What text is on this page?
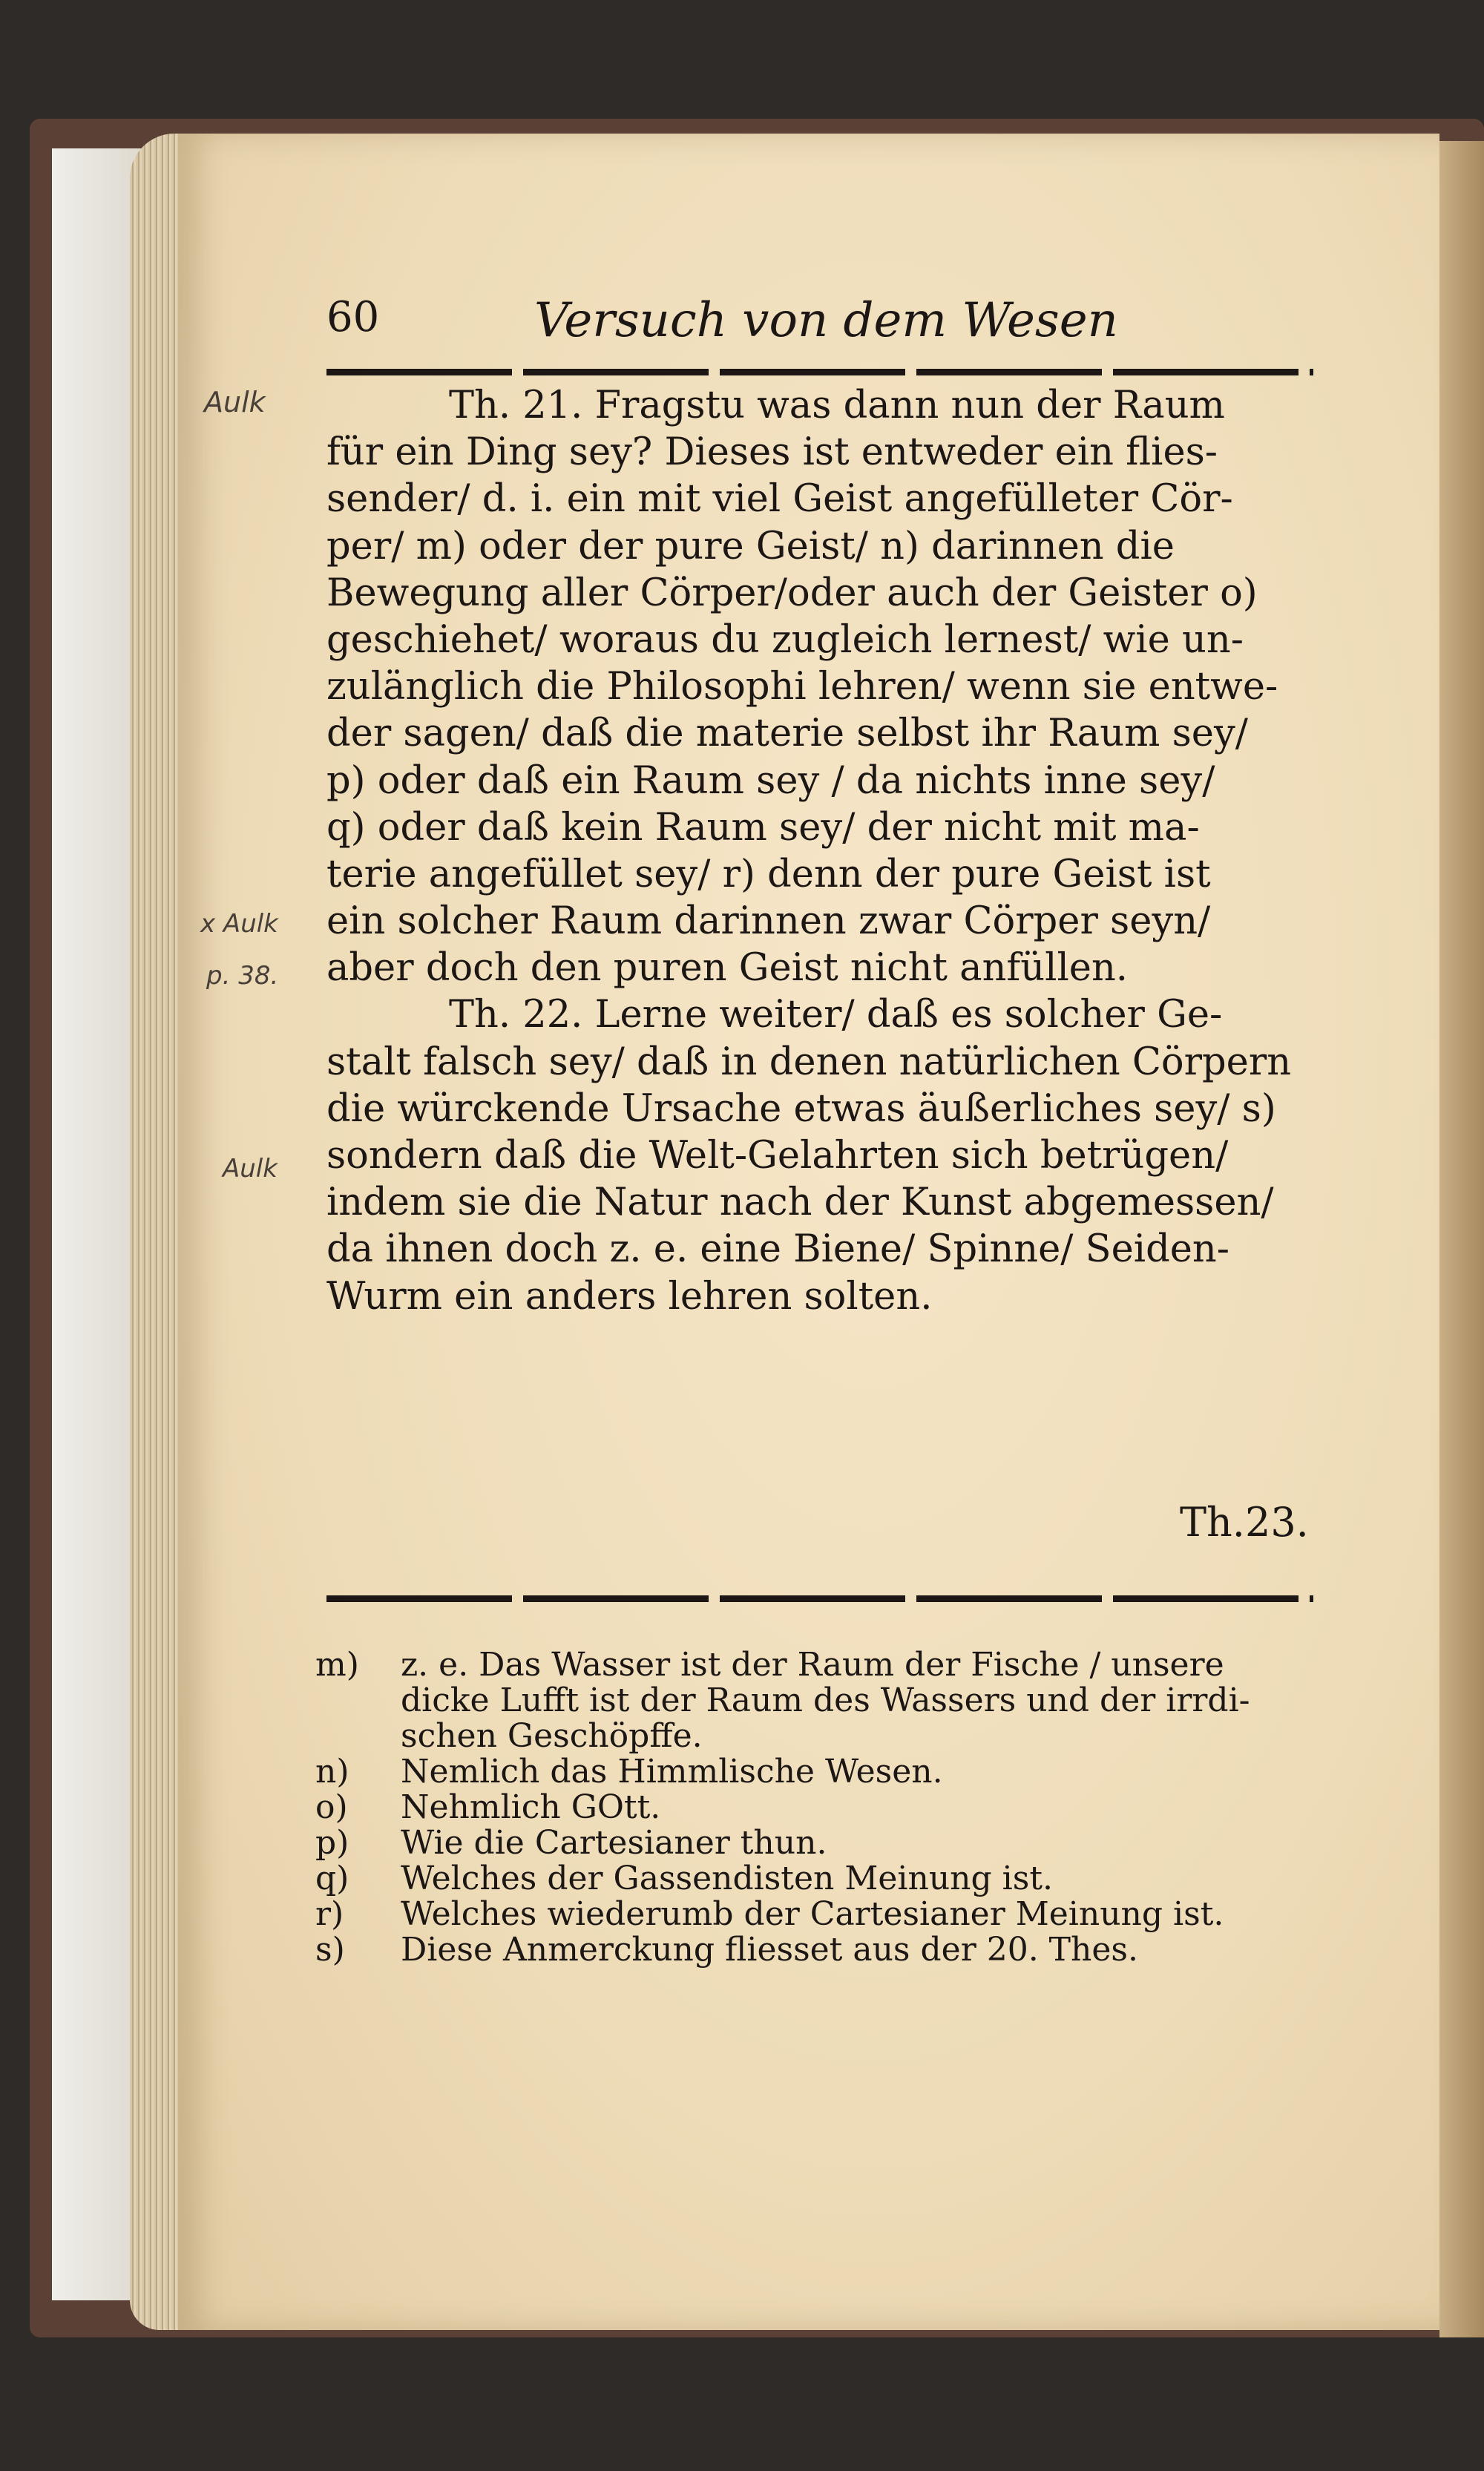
60	Versuch von dem Wesen
Th. 21. Fragstu was dann nun der Raum
für ein Ding sey? Dieses ist entweder ein flies-
sender/ d. i. ein mit viel Geist angefülleter Cör-
per/ m) oder der pure Geist/ n) darinnen die
Bewegung aller Cörper/oder auch der Geister o)
geschiehet/ woraus du zugleich lernest/ wie un-
zulänglich die Philosophi lehren/ wenn sie entwe-
der sagen/ daß die materie selbst ihr Raum sey/
p) oder daß ein Raum sey / da nichts inne sey/
q) oder daß kein Raum sey/ der nicht mit ma-
terie angefüllet sey/ r) denn der pure Geist ist
ein solcher Raum darinnen zwar Cörper seyn/
aber doch den puren Geist nicht anfüllen.
Th. 22. Lerne weiter/ daß es solcher Ge-
stalt falsch sey/ daß in denen natürlichen Cörpern
die würckende Ursache etwas äußerliches sey/ s)
sondern daß die Welt-Gelahrten sich betrügen/
indem sie die Natur nach der Kunst abgemessen/
da ihnen doch z. e. eine Biene/ Spinne/ Seiden-
Wurm ein anders lehren solten.
Th.23.
m)	z. e. Das Wasser ist der Raum der Fische / unsere
dicke Lufft ist der Raum des Wassers und der irrdi-
schen Geschöpffe.
n)	Nemlich das Himmlische Wesen.
o)	Nehmlich GOtt.
p)	Wie die Cartesianer thun.
q)	Welches der Gassendisten Meinung ist.
r)	Welches wiederumb der Cartesianer Meinung ist.
s)	Diese Anmerckung fliesset aus der 20. Thes.
Aulk
x Aulk
p. 38.
Aulk
